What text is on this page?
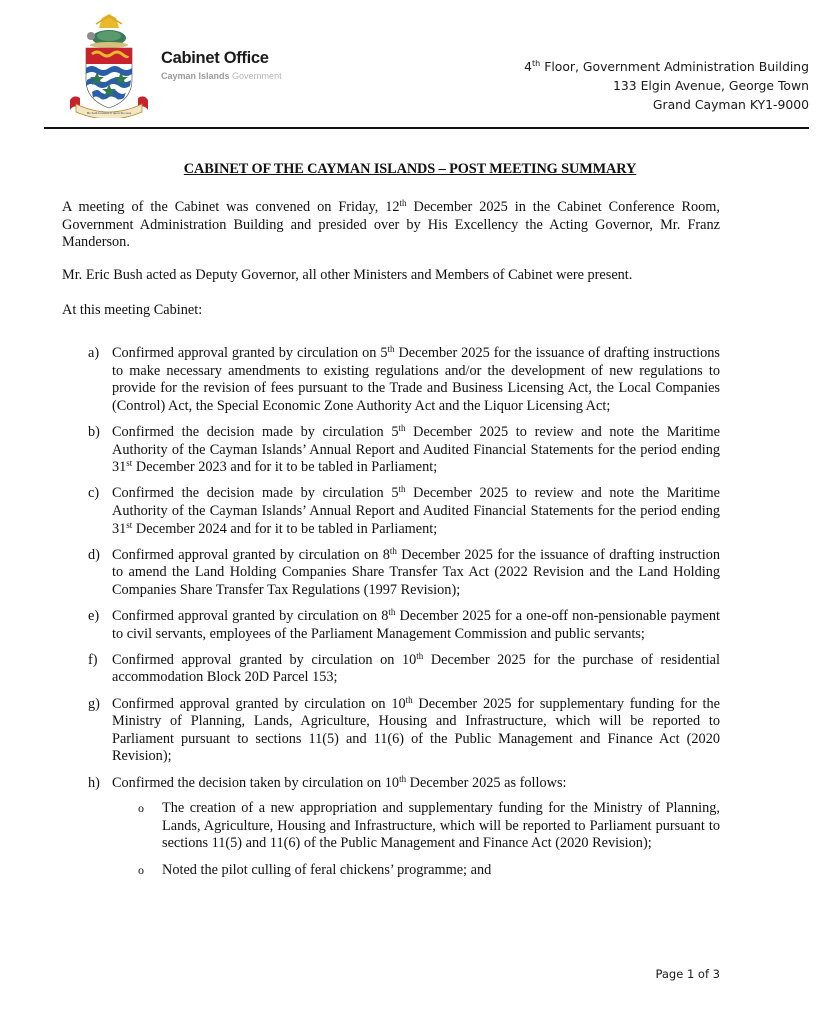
He hath founded it upon the seas
Cabinet Office
Cayman Islands Government
4th Floor, Government Administration Building
133 Elgin Avenue, George Town
Grand Cayman KY1-9000
CABINET OF THE CAYMAN ISLANDS – POST MEETING SUMMARY
A meeting of the Cabinet was convened on Friday, 12th December 2025 in the Cabinet Conference Room, Government Administration Building and presided over by His Excellency the Acting Governor, Mr. Franz Manderson.
Mr. Eric Bush acted as Deputy Governor, all other Ministers and Members of Cabinet were present.
At this meeting Cabinet:
a) Confirmed approval granted by circulation on 5th December 2025 for the issuance of drafting instructions to make necessary amendments to existing regulations and/or the development of new regulations to provide for the revision of fees pursuant to the Trade and Business Licensing Act, the Local Companies (Control) Act, the Special Economic Zone Authority Act and the Liquor Licensing Act;
b) Confirmed the decision made by circulation 5th December 2025 to review and note the Maritime Authority of the Cayman Islands’ Annual Report and Audited Financial Statements for the period ending 31st December 2023 and for it to be tabled in Parliament;
c) Confirmed the decision made by circulation 5th December 2025 to review and note the Maritime Authority of the Cayman Islands’ Annual Report and Audited Financial Statements for the period ending 31st December 2024 and for it to be tabled in Parliament;
d) Confirmed approval granted by circulation on 8th December 2025 for the issuance of drafting instruction to amend the Land Holding Companies Share Transfer Tax Act (2022 Revision and the Land Holding Companies Share Transfer Tax Regulations (1997 Revision);
e) Confirmed approval granted by circulation on 8th December 2025 for a one-off non-pensionable payment to civil servants, employees of the Parliament Management Commission and public servants;
f) Confirmed approval granted by circulation on 10th December 2025 for the purchase of residential accommodation Block 20D Parcel 153;
g) Confirmed approval granted by circulation on 10th December 2025 for supplementary funding for the Ministry of Planning, Lands, Agriculture, Housing and Infrastructure, which will be reported to Parliament pursuant to sections 11(5) and 11(6) of the Public Management and Finance Act (2020 Revision);
h) Confirmed the decision taken by circulation on 10th December 2025 as follows:
o The creation of a new appropriation and supplementary funding for the Ministry of Planning, Lands, Agriculture, Housing and Infrastructure, which will be reported to Parliament pursuant to sections 11(5) and 11(6) of the Public Management and Finance Act (2020 Revision);
o Noted the pilot culling of feral chickens’ programme; and
Page 1 of 3
